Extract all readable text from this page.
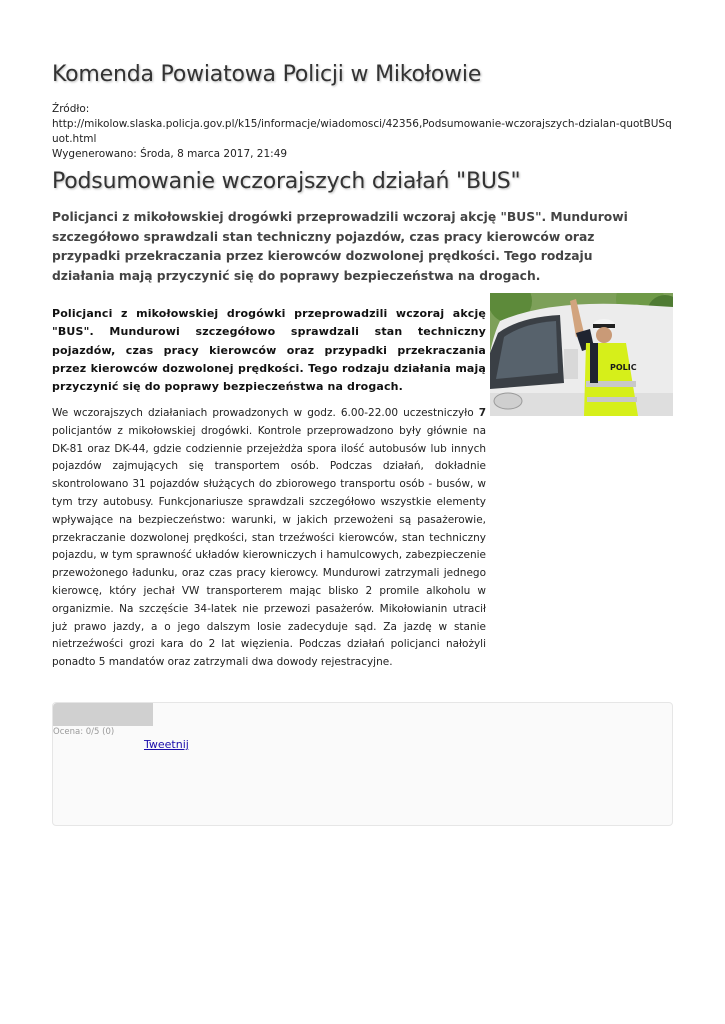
Komenda Powiatowa Policji w Mikołowie
Źródło:
http://mikolow.slaska.policja.gov.pl/k15/informacje/wiadomosci/42356,Podsumowanie-wczorajszych-dzialan-quotBUSquot.html
Wygenerowano: Środa, 8 marca 2017, 21:49
Podsumowanie wczorajszych działań "BUS"
Policjanci z mikołowskiej drogówki przeprowadzili wczoraj akcję "BUS". Mundurowi szczegółowo sprawdzali stan techniczny pojazdów, czas pracy kierowców oraz przypadki przekraczania przez kierowców dozwolonej prędkości. Tego rodzaju działania mają przyczynić się do poprawy bezpieczeństwa na drogach.
POLIC
Policjanci z mikołowskiej drogówki przeprowadzili wczoraj akcję "BUS". Mundurowi szczegółowo sprawdzali stan techniczny pojazdów, czas pracy kierowców oraz przypadki przekraczania przez kierowców dozwolonej prędkości. Tego rodzaju działania mają przyczynić się do poprawy bezpieczeństwa na drogach.
We wczorajszych działaniach prowadzonych w godz. 6.00-22.00 uczestniczyło 7 policjantów z mikołowskiej drogówki. Kontrole przeprowadzono były głównie na DK-81 oraz DK-44, gdzie codziennie przejeżdża spora ilość autobusów lub innych pojazdów zajmujących się transportem osób. Podczas działań, dokładnie skontrolowano 31 pojazdów służących do zbiorowego transportu osób - busów, w tym trzy autobusy. Funkcjonariusze sprawdzali szczegółowo wszystkie elementy wpływające na bezpieczeństwo: warunki, w jakich przewożeni są pasażerowie, przekraczanie dozwolonej prędkości, stan trzeźwości kierowców, stan techniczny pojazdu, w tym sprawność układów kierowniczych i hamulcowych, zabezpieczenie przewożonego ładunku, oraz czas pracy kierowcy. Mundurowi zatrzymali jednego kierowcę, który jechał VW transporterem mając blisko 2 promile alkoholu w organizmie. Na szczęście 34-latek nie przewozi pasażerów. Mikołowianin utracił już prawo jazdy, a o jego dalszym losie zadecyduje sąd. Za jazdę w stanie nietrzeźwości grozi kara do 2 lat więzienia. Podczas działań policjanci nałożyli ponadto 5 mandatów oraz zatrzymali dwa dowody rejestracyjne.
Ocena: 0/5 (0)
Tweetnij
